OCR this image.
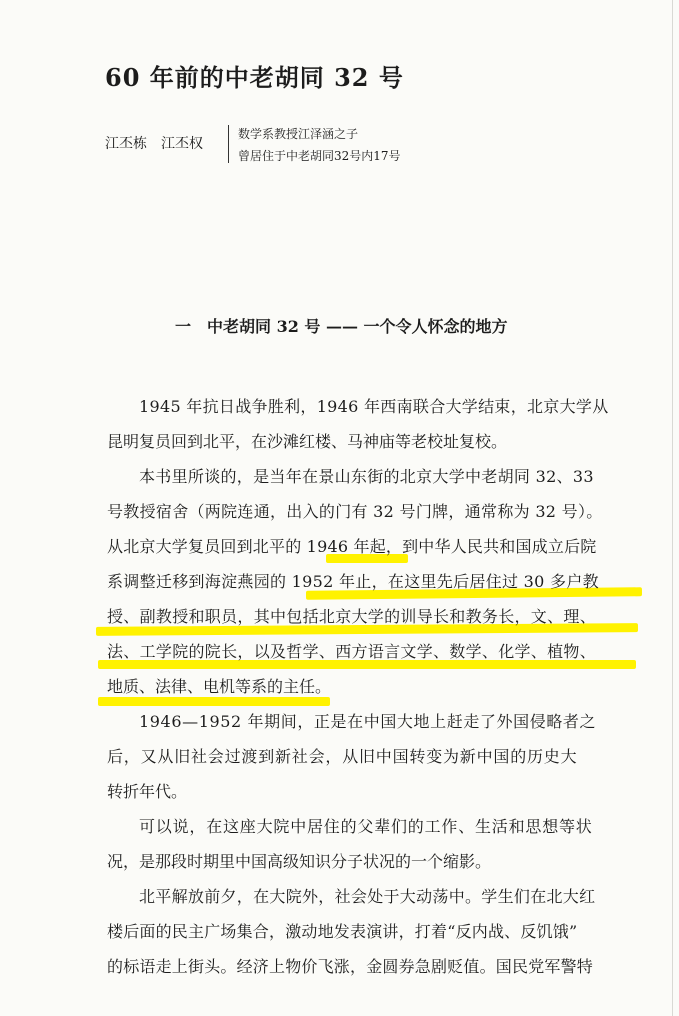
60 年前的中老胡同 32 号
江丕栋 江丕权
数学系教授江泽涵之子
曾居住于中老胡同32号内17号
一　中老胡同 32 号 —— 一个令人怀念的地方
1945 年抗日战争胜利，1946 年西南联合大学结束，北京大学从
昆明复员回到北平，在沙滩红楼、马神庙等老校址复校。
本书里所谈的，是当年在景山东街的北京大学中老胡同 32、33
号教授宿舍（两院连通，出入的门有 32 号门牌，通常称为 32 号）。
从北京大学复员回到北平的 1946 年起，到中华人民共和国成立后院
系调整迁移到海淀燕园的 1952 年止，在这里先后居住过 30 多户教
授、副教授和职员，其中包括北京大学的训导长和教务长，文、理、
法、工学院的院长，以及哲学、西方语言文学、数学、化学、植物、
地质、法律、电机等系的主任。
1946—1952 年期间，正是在中国大地上赶走了外国侵略者之
后，又从旧社会过渡到新社会，从旧中国转变为新中国的历史大
转折年代。
可以说，在这座大院中居住的父辈们的工作、生活和思想等状
况，是那段时期里中国高级知识分子状况的一个缩影。
北平解放前夕，在大院外，社会处于大动荡中。学生们在北大红
楼后面的民主广场集合，激动地发表演讲，打着“反内战、反饥饿”
的标语走上街头。经济上物价飞涨，金圆券急剧贬值。国民党军警特
